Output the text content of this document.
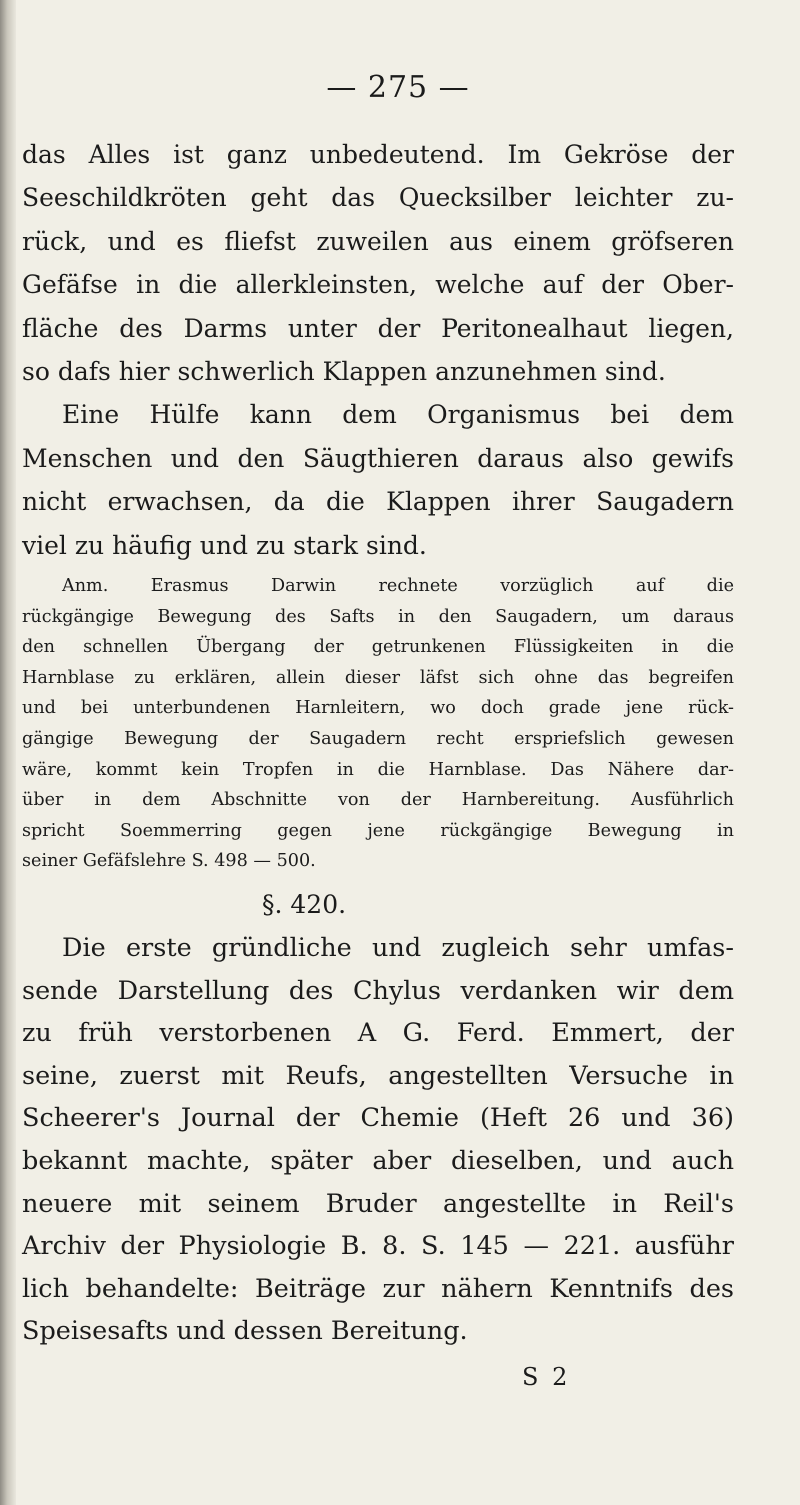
— 275 —
das Alles ist ganz unbedeutend. Im Gekröse der
Seeschildkröten geht das Quecksilber leichter zu-
rück, und es fliefst zuweilen aus einem gröfseren
Gefäfse in die allerkleinsten, welche auf der Ober-
fläche des Darms unter der Peritonealhaut liegen,
so dafs hier schwerlich Klappen anzunehmen sind.
Eine Hülfe kann dem Organismus bei dem
Menschen und den Säugthieren daraus also gewifs
nicht erwachsen, da die Klappen ihrer Saugadern
viel zu häufig und zu stark sind.
Anm. Erasmus Darwin rechnete vorzüglich auf die
rückgängige Bewegung des Safts in den Saugadern, um daraus
den schnellen Übergang der getrunkenen Flüssigkeiten in die
Harnblase zu erklären, allein dieser läfst sich ohne das begreifen
und bei unterbundenen Harnleitern, wo doch grade jene rück-
gängige Bewegung der Saugadern recht erspriefslich gewesen
wäre, kommt kein Tropfen in die Harnblase. Das Nähere dar-
über in dem Abschnitte von der Harnbereitung. Ausführlich
spricht Soemmerring gegen jene rückgängige Bewegung in
seiner Gefäfslehre S. 498 — 500.
§. 420.
Die erste gründliche und zugleich sehr umfas-
sende Darstellung des Chylus verdanken wir dem
zu früh verstorbenen A G. Ferd. Emmert, der
seine, zuerst mit Reufs, angestellten Versuche in
Scheerer's Journal der Chemie (Heft 26 und 36)
bekannt machte, später aber dieselben, und auch
neuere mit seinem Bruder angestellte in Reil's
Archiv der Physiologie B. 8. S. 145 — 221. ausführ
lich behandelte: Beiträge zur nähern Kenntnifs des
Speisesafts und dessen Bereitung.
S 2
